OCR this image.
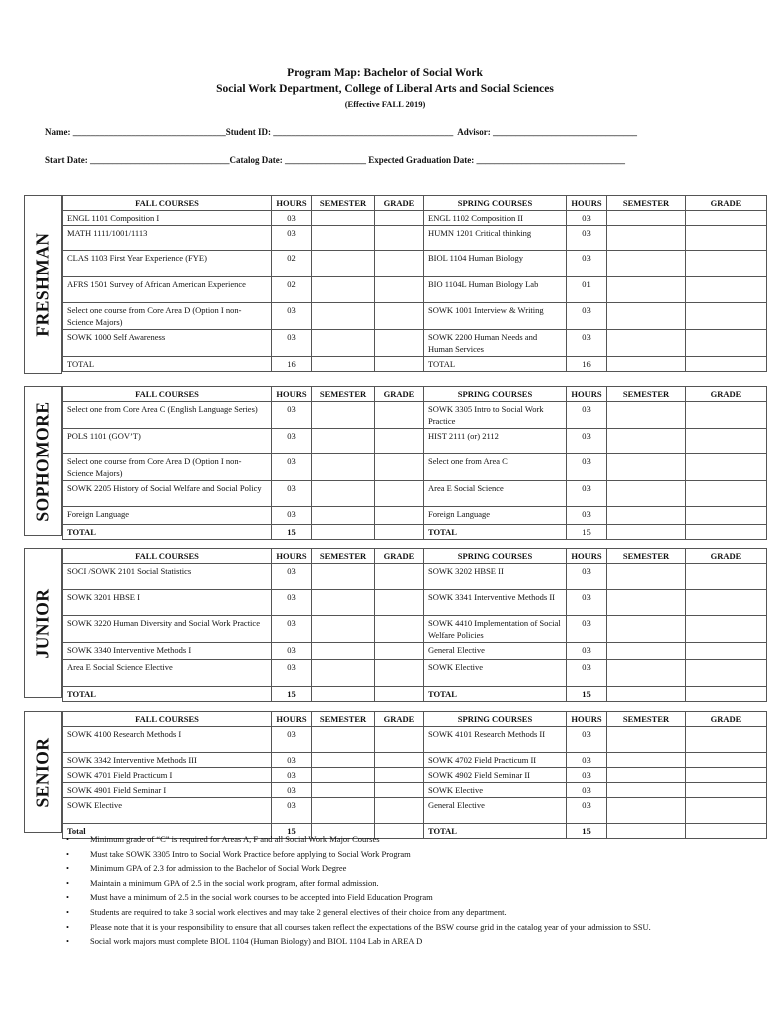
Program Map: Bachelor of Social Work
Social Work Department, College of Liberal Arts and Social Sciences
(Effective FALL 2019)
Name: __________________________________Student ID: ________________________________________  Advisor: ________________________________
Start Date: _______________________________Catalog Date: __________________ Expected Graduation Date: _________________________________
FRESHMAN
FALL COURSES	HOURS	SEMESTER	GRADE	SPRING COURSES	HOURS	SEMESTER	GRADE
ENGL 1101 Composition I	03			ENGL 1102 Composition II	03		
MATH 1111/1001/1113	03			HUMN 1201 Critical thinking	03		
CLAS 1103 First Year Experience (FYE)	02			BIOL 1104 Human Biology	03		
AFRS 1501 Survey of African American Experience	02			BIO 1104L Human Biology Lab	01		
Select one course from Core Area D (Option I non-Science Majors)	03			SOWK 1001 Interview & Writing	03		
SOWK 1000 Self Awareness	03			SOWK 2200 Human Needs and Human Services	03		
TOTAL	16			TOTAL	16		
SOPHOMORE
FALL COURSES	HOURS	SEMESTER	GRADE	SPRING COURSES	HOURS	SEMESTER	GRADE
Select one from Core Area C (English Language Series)	03			SOWK 3305 Intro to Social Work Practice	03		
POLS 1101 (GOV’T)	03			HIST 2111 (or) 2112	03		
Select one course from Core Area D (Option I non-Science Majors)	03			Select one from Area C	03		
SOWK 2205 History of Social Welfare and Social Policy	03			Area E Social Science	03		
Foreign Language	03			Foreign Language	03		
TOTAL	15			TOTAL	15		
JUNIOR
FALL COURSES	HOURS	SEMESTER	GRADE	SPRING COURSES	HOURS	SEMESTER	GRADE
SOCI /SOWK 2101 Social Statistics	03			SOWK 3202 HBSE II	03		
SOWK 3201 HBSE I	03			SOWK 3341 Interventive Methods II	03		
SOWK 3220 Human Diversity and Social Work Practice	03			SOWK 4410 Implementation of Social Welfare Policies	03		
SOWK 3340 Interventive Methods I	03			General Elective	03		
Area E Social Science Elective	03			SOWK Elective	03		
TOTAL	15			TOTAL	15		
SENIOR
FALL COURSES	HOURS	SEMESTER	GRADE	SPRING COURSES	HOURS	SEMESTER	GRADE
SOWK 4100 Research Methods I	03			SOWK 4101 Research Methods II	03		
SOWK 3342 Interventive Methods III	03			SOWK 4702 Field Practicum II	03		
SOWK 4701 Field Practicum I	03			SOWK 4902 Field Seminar II	03		
SOWK 4901 Field Seminar I	03			SOWK Elective	03		
SOWK Elective	03			General Elective	03		
Total	15			TOTAL	15		
• Minimum grade of “C” is required for Areas A, F and all Social Work Major Courses
• Must take SOWK 3305 Intro to Social Work Practice before applying to Social Work Program
• Minimum GPA of 2.3 for admission to the Bachelor of Social Work Degree
• Maintain a minimum GPA of 2.5 in the social work program, after formal admission.
• Must have a minimum of 2.5 in the social work courses to be accepted into Field Education Program
• Students are required to take 3 social work electives and may take 2 general electives of their choice from any department.
• Please note that it is your responsibility to ensure that all courses taken reflect the expectations of the BSW course grid in the catalog year of your admission to SSU.
• Social work majors must complete BIOL 1104 (Human Biology) and BIOL 1104 Lab in AREA D
